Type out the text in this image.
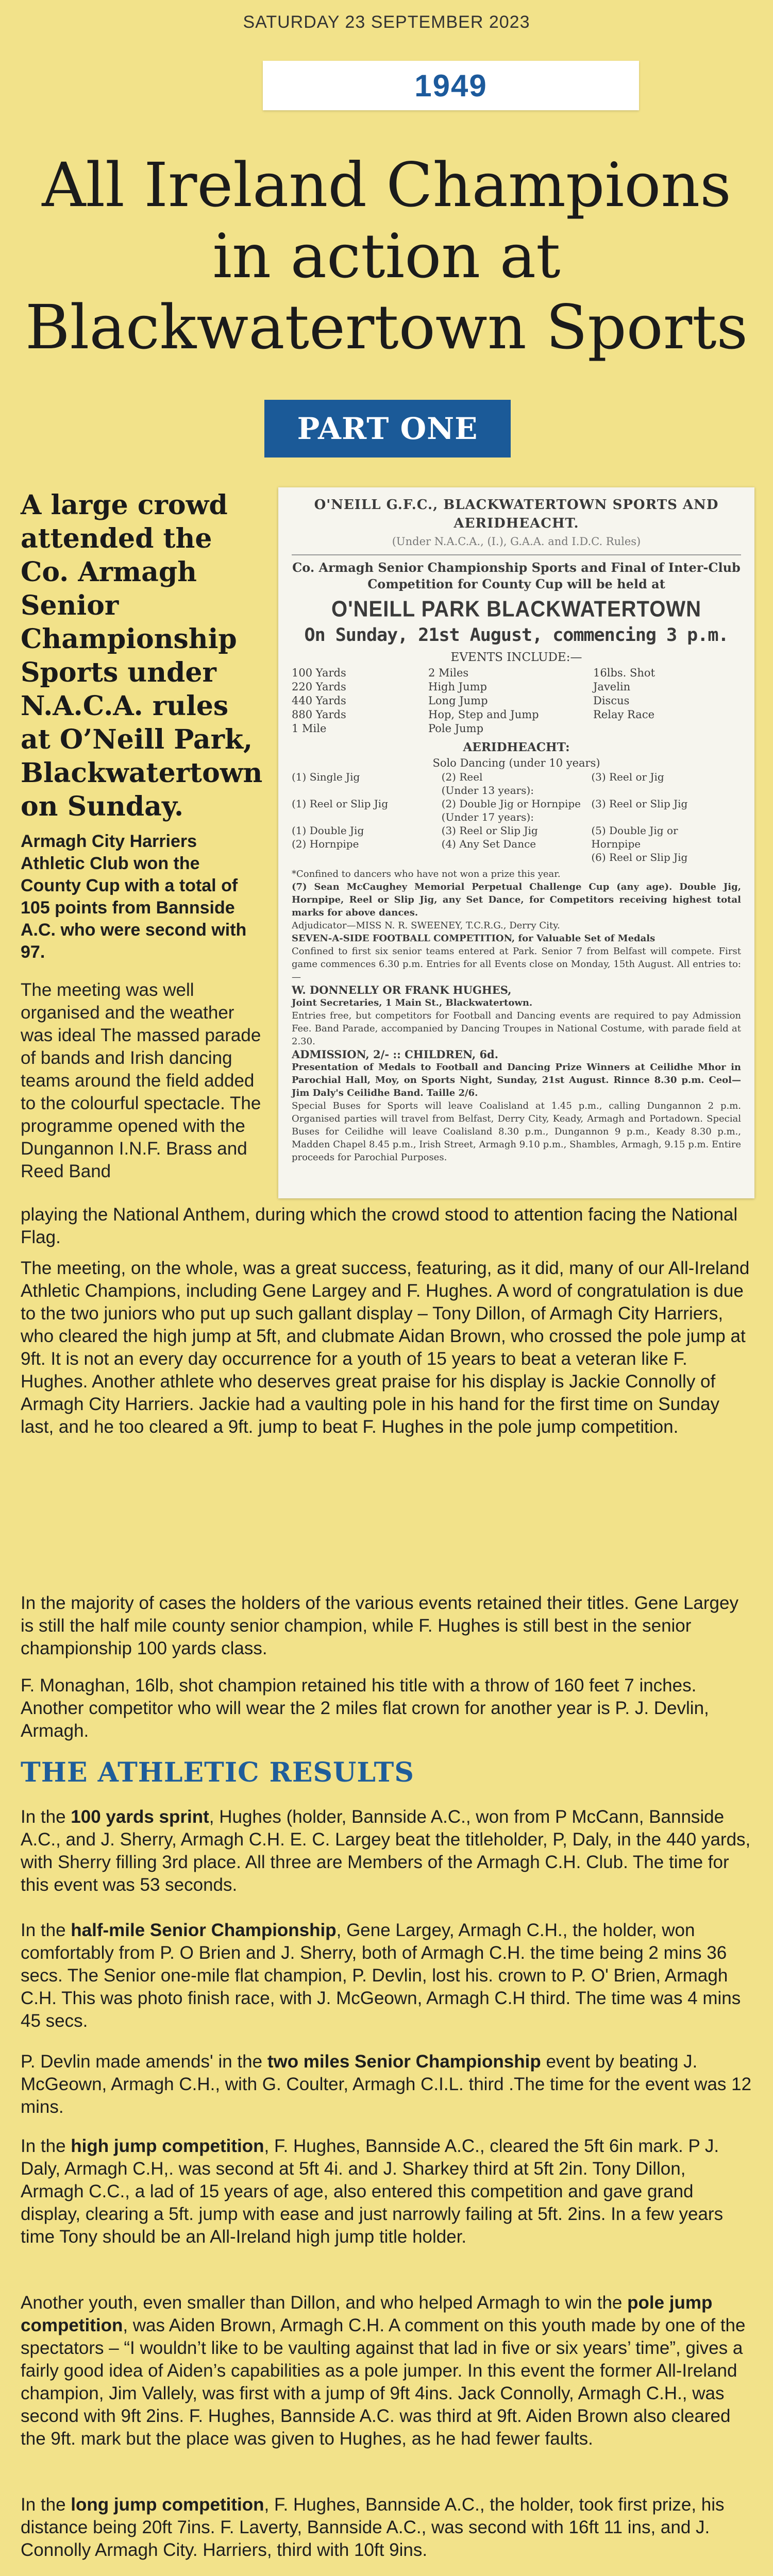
SATURDAY 23 SEPTEMBER 2023
1949
All Ireland Champions
in action at
Blackwatertown Sports
PART ONE
A large crowd attended the Co. Armagh Senior Championship Sports under N.A.C.A. rules at O’Neill Park, Blackwatertown on Sunday.
Armagh City Harriers Athletic Club won the County Cup with a total of 105 points from Bannside A.C. who were second with 97.
The meeting was well organised and the weather was ideal The massed parade of bands and Irish dancing teams around the field added to the colourful spectacle. The programme opened with the Dungannon I.N.F. Brass and Reed Band
O'NEILL G.F.C., BLACKWATERTOWN SPORTS AND
AERIDHEACHT.
(Under N.A.C.A., (I.), G.A.A. and I.D.C. Rules)
Co. Armagh Senior Championship Sports and Final of Inter-Club Competition for County Cup will be held at
O'NEILL PARK BLACKWATERTOWN
On Sunday, 21st August, commencing 3 p.m.
EVENTS INCLUDE:—
100 Yards	2 Miles	16lbs. Shot
220 Yards	High Jump	Javelin
440 Yards	Long Jump	Discus
880 Yards	Hop, Step and Jump	Relay Race
1 Mile	Pole Jump
AERIDHEACHT:
Solo Dancing (under 10 years)
(1) Single Jig	(2) Reel	(3) Reel or Jig
(Under 13 years):
(1) Reel or Slip Jig	(2) Double Jig or Hornpipe	(3) Reel or Slip Jig
(Under 17 years):
(1) Double Jig	(3) Reel or Slip Jig	(5) Double Jig or
(2) Hornpipe	(4) Any Set Dance	Hornpipe
(6) Reel or Slip Jig
*Confined to dancers who have not won a prize this year.
(7) Sean McCaughey Memorial Perpetual Challenge Cup (any age). Double Jig, Hornpipe, Reel or Slip Jig, any Set Dance, for Competitors receiving highest total marks for above dances.
Adjudicator—MISS N. R. SWEENEY, T.C.R.G., Derry City.
SEVEN-A-SIDE FOOTBALL COMPETITION, for Valuable Set of Medals
Confined to first six senior teams entered at Park. Senior 7 from Belfast will compete. First game commences 6.30 p.m. Entries for all Events close on Monday, 15th August. All entries to:—
W. DONNELLY OR FRANK HUGHES,
Joint Secretaries, 1 Main St., Blackwatertown.
Entries free, but competitors for Football and Dancing events are required to pay Admission Fee. Band Parade, accompanied by Dancing Troupes in National Costume, with parade field at 2.30.
ADMISSION, 2/- :: CHILDREN, 6d.
Presentation of Medals to Football and Dancing Prize Winners at Ceilidhe Mhor in Parochial Hall, Moy, on Sports Night, Sunday, 21st August. Rinnce 8.30 p.m. Ceol—Jim Daly's Ceilidhe Band. Taille 2/6.
Special Buses for Sports will leave Coalisland at 1.45 p.m., calling Dungannon 2 p.m. Organised parties will travel from Belfast, Derry City, Keady, Armagh and Portadown. Special Buses for Ceilidhe will leave Coalisland 8.30 p.m., Dungannon 9 p.m., Keady 8.30 p.m., Madden Chapel 8.45 p.m., Irish Street, Armagh 9.10 p.m., Shambles, Armagh, 9.15 p.m. Entire proceeds for Parochial Purposes.
playing the National Anthem, during which the crowd stood to attention facing the National Flag.
The meeting, on the whole, was a great success, featuring, as it did, many of our All-Ireland Athletic Champions, including Gene Largey and F. Hughes. A word of congratulation is due to the two juniors who put up such gallant display – Tony Dillon, of Armagh City Harriers, who cleared the high jump at 5ft, and clubmate Aidan Brown, who crossed the pole jump at 9ft. It is not an every day occurrence for a youth of 15 years to beat a veteran like F. Hughes. Another athlete who deserves great praise for his display is Jackie Connolly of Armagh City Harriers. Jackie had a vaulting pole in his hand for the first time on Sunday last, and he too cleared a 9ft. jump to beat F. Hughes in the pole jump competition.
In the majority of cases the holders of the various events retained their titles. Gene Largey is still the half mile county senior champion, while F. Hughes is still best in the senior championship 100 yards class.
F. Monaghan, 16lb, shot champion retained his title with a throw of 160 feet 7 inches. Another competitor who will wear the 2 miles flat crown for another year is P. J. Devlin, Armagh.
THE ATHLETIC RESULTS
In the 100 yards sprint, Hughes (holder, Bannside A.C., won from P McCann, Bannside A.C., and J. Sherry, Armagh C.H. E. C. Largey beat the titleholder, P, Daly, in the 440 yards, with Sherry filling 3rd place. All three are Members of the Armagh C.H. Club. The time for this event was 53 seconds.
In the half-mile Senior Championship, Gene Largey, Armagh C.H., the holder, won comfortably from P. O Brien and J. Sherry, both of Armagh C.H. the time being 2 mins 36 secs. The Senior one-mile flat champion, P. Devlin, lost his. crown to P. O' Brien, Armagh C.H. This was photo finish race, with J. McGeown, Armagh C.H third. The time was 4 mins 45 secs.
P. Devlin made amends' in the two miles Senior Championship event by beating J. McGeown, Armagh C.H., with G. Coulter, Armagh C.I.L. third .The time for the event was 12 mins.
In the high jump competition, F. Hughes, Bannside A.C., cleared the 5ft 6in mark. P J. Daly, Armagh C.H,. was second at 5ft 4i. and J. Sharkey third at 5ft 2in. Tony Dillon, Armagh C.C., a lad of 15 years of age, also entered this competition and gave grand display, clearing a 5ft. jump with ease and just narrowly failing at 5ft. 2ins. In a few years time Tony should be an All-Ireland high jump title holder.
Another youth, even smaller than Dillon, and who helped Armagh to win the pole jump competition, was Aiden Brown, Armagh C.H. A comment on this youth made by one of the spectators – “I wouldn’t like to be vaulting against that lad in five or six years’ time”, gives a fairly good idea of Aiden’s capabilities as a pole jumper. In this event the former All-Ireland champion, Jim Vallely, was first with a jump of 9ft 4ins. Jack Connolly, Armagh C.H., was second with 9ft 2ins. F. Hughes, Bannside A.C. was third at 9ft. Aiden Brown also cleared the 9ft. mark but the place was given to Hughes, as he had fewer faults.
In the long jump competition, F. Hughes, Bannside A.C., the holder, took first prize, his distance being 20ft 7ins. F. Laverty, Bannside A.C., was second with 16ft 11 ins, and J. Connolly Armagh City. Harriers, third with 10ft 9ins.
